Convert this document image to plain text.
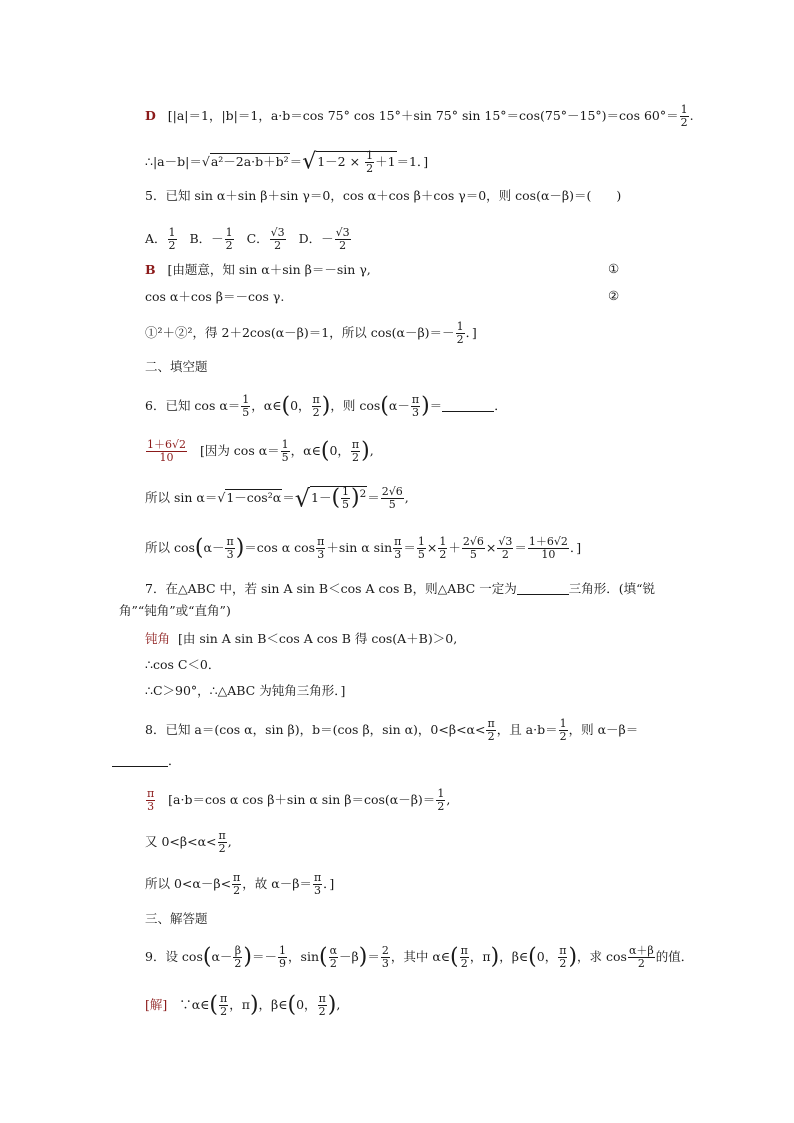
D [|a|＝1，|b|＝1，a·b＝cos 75° cos 15°＋sin 75° sin 15°＝cos(75°－15°)＝cos $60^\circ= \frac{1}{2}$ .
∴|a－b|＝√a²－2a·b＋b²＝√1－2 × $\frac{1}{2} +1=1$．]
5．已知 sin α＋sin β＋sin γ＝0，cos α＋cos β＋cos γ＝0，则 cos(α－β)＝(　　)
A． $\frac{1}{2}$ B．－ $\frac{1}{2}$ C． $\frac{√3}{2}$ D．－ $\frac{√3}{2}$
B [由题意，知 sin α＋sin β＝－sin γ,	①
cos α＋cos β＝－cos γ.	②
①²＋②²，得 2＋2cos(α－β)＝1，所以 $\cos(\alpha-\beta)=- \frac{1}{2}$ ．]
二、填空题
6．已知 $\cos \alpha= \frac{1}{5}$ ，α∈(0， $\frac{\pi}{2}$ )，则 $\cos(\alpha- \frac{\pi}{3}$ )＝	．
$\frac{1+6√2}{10}$ [因为 $\cos \alpha= \frac{1}{5}$ ，α∈(0， $\frac{\pi}{2}$ ),
所以 $\sin \alpha=√1-\cos^2\alpha=√1-( \frac{1}{5} )^2= \frac{2√6}{5}$ ,
所以 $\cos(\alpha- \frac{\pi}{3} )=\cos$ α $\cos \frac{\pi}{3} +\sin$ α $\sin \frac{\pi}{3} = \frac{1}{5} \times \frac{1}{2} + \frac{2√6}{5} \times \frac{√3}{2} = \frac{1+6√2}{10}$ ．]
7．在△ABC 中，若 sin A sin B＜cos A cos B，则△ABC 一定为	三角形．(填“锐
角”“钝角”或“直角”)
钝角 [由 sin A sin B＜cos A cos B 得 cos(A＋B)＞0,
∴cos C＜0．
∴C＞90°，∴△ABC 为钝角三角形．]
8．已知 a＝(cos α，sin β)，b＝(cos β，sin α)，$0<\beta<\alpha< \frac{\pi}{2}$ ，且 $a\cdot b= \frac{1}{2}$ ，则 α－β＝
．
$\frac{\pi}{3} [a\cdot b=\cos$ α cos β＋sin α $\sin \beta=\cos(\alpha-\beta)= \frac{1}{2}$ ,
又 $0<\beta<\alpha< \frac{\pi}{2}$ ,
所以 $0<\alpha-\beta< \frac{\pi}{2}$ ，故 $\alpha-\beta= \frac{\pi}{3}$ ．]
三、解答题
9．设 $\cos(\alpha- \frac{\beta}{2}$ )＝－ $\frac{1}{9}$ ，$\sin( \frac{\alpha}{2} -\beta)= \frac{2}{3}$ ，其中 α∈( $\frac{\pi}{2}$ ，π)，β∈(0， $\frac{\pi}{2}$ )，求 $\cos \frac{\alpha+\beta}{2}$ 的值．
[解] ∵α∈( $\frac{\pi}{2}$ ，π)，β∈(0， $\frac{\pi}{2}$ ),
